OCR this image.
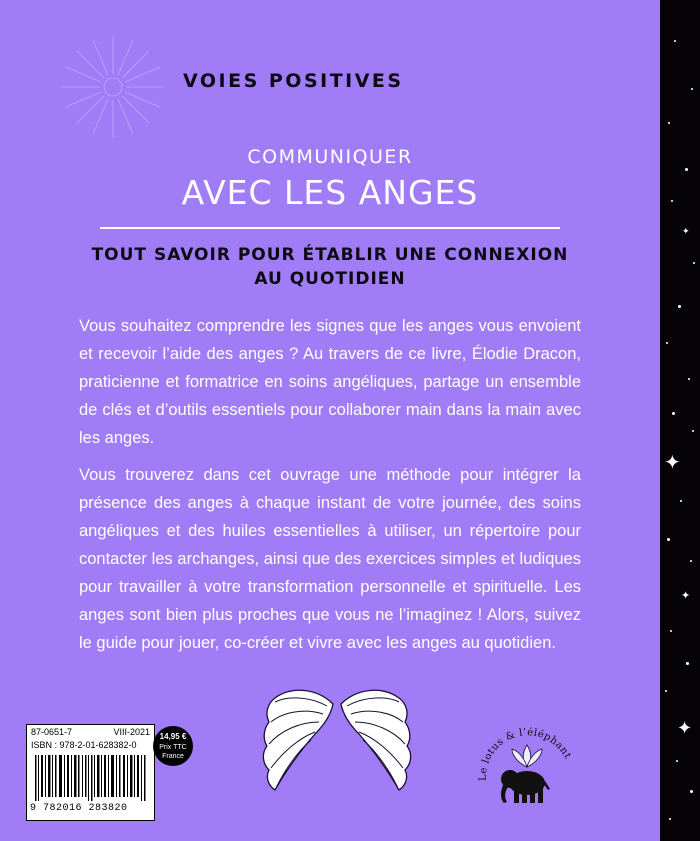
VOIES POSITIVES
COMMUNIQUER
AVEC LES ANGES
TOUT SAVOIR POUR ÉTABLIR UNE CONNEXION
AU QUOTIDIEN

Vous souhaitez comprendre les signes que les anges vous envoient et recevoir l’aide des anges ? Au travers de ce livre, Élodie Dracon, praticienne et formatrice en soins angéliques, partage un ensemble de clés et d’outils essentiels pour collaborer main dans la main avec les anges.

Vous trouverez dans cet ouvrage une méthode pour intégrer la présence des anges à chaque instant de votre journée, des soins angéliques et des huiles essentielles à utiliser, un répertoire pour contacter les archanges, ainsi que des exercices simples et ludiques pour travailler à votre transformation personnelle et spirituelle. Les anges sont bien plus proches que vous ne l’imaginez ! Alors, suivez le guide pour jouer, co-créer et vivre avec les anges au quotidien.

87-0651-7	VIII-2021
ISBN : 978-2-01-628382-0
9 782016 283820
14,95 €
Prix TTC
France
Le lotus & l’éléphant
✦
✦
✦
✦
